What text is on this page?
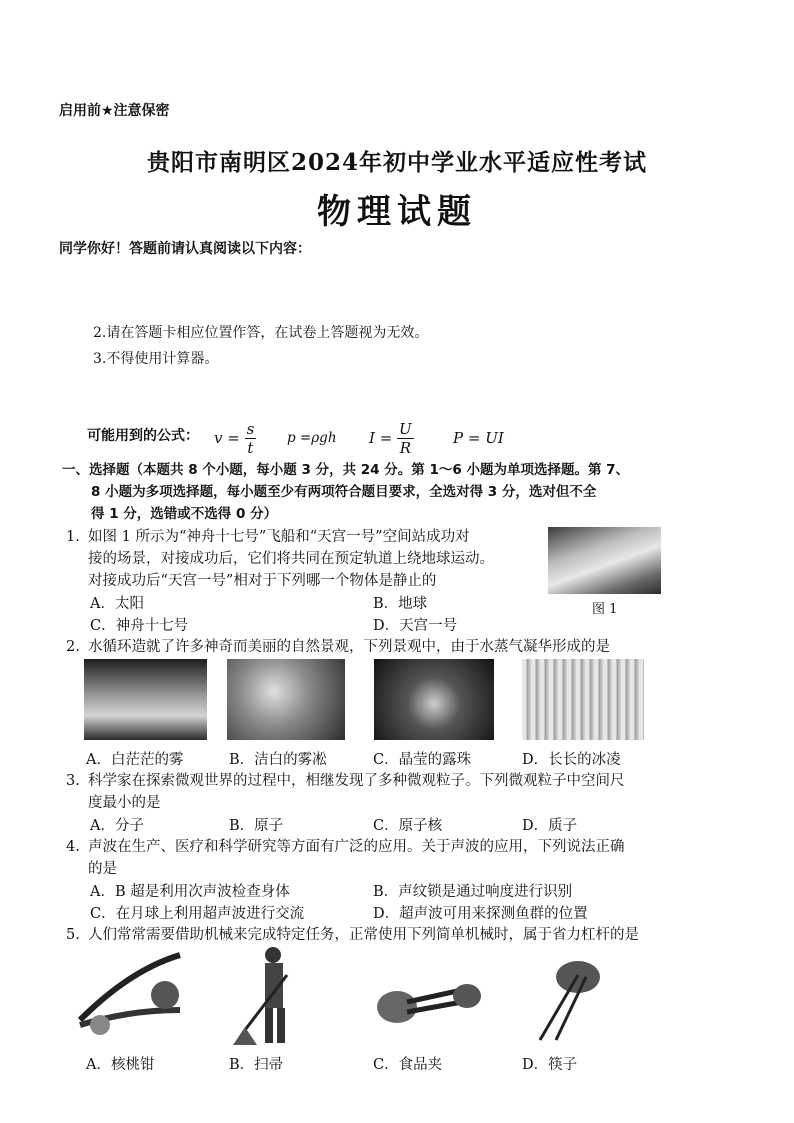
启用前★注意保密
贵阳市南明区2024年初中学业水平适应性考试
物理试题
同学你好！答题前请认真阅读以下内容：
2.请在答题卡相应位置作答，在试卷上答题视为无效。
3.不得使用计算器。
可能用到的公式： v =
$\frac{s}{t}$ p =ρgh I =
$\frac{U}{R}$	P = UI
一、选择题（本题共 8 个小题，每小题 3 分，共 24 分。第 1～6 小题为单项选择题。第 7、
8 小题为多项选择题，每小题至少有两项符合题目要求，全选对得 3 分，选对但不全
得 1 分，选错或不选得 0 分）
1. 如图 1 所示为“神舟十七号”飞船和“天宫一号”空间站成功对
接的场景，对接成功后，它们将共同在预定轨道上绕地球运动。
对接成功后“天宫一号”相对于下列哪一个物体是静止的
A．太阳	B．地球
C．神舟十七号	D．天宫一号
图 1
2. 水循环造就了许多神奇而美丽的自然景观，下列景观中，由于水蒸气凝华形成的是
A．白茫茫的雾	B．洁白的雾凇	C．晶莹的露珠	D．长长的冰凌
3. 科学家在探索微观世界的过程中，相继发现了多种微观粒子。下列微观粒子中空间尺
度最小的是
A．分子	B．原子	C．原子核	D．质子
4. 声波在生产、医疗和科学研究等方面有广泛的应用。关于声波的应用，下列说法正确
的是
A．B 超是利用次声波检查身体	B．声纹锁是通过响度进行识别
C．在月球上利用超声波进行交流	D．超声波可用来探测鱼群的位置
5. 人们常常需要借助机械来完成特定任务，正常使用下列简单机械时，属于省力杠杆的是
A．核桃钳	B．扫帚	C．食品夹	D．筷子
